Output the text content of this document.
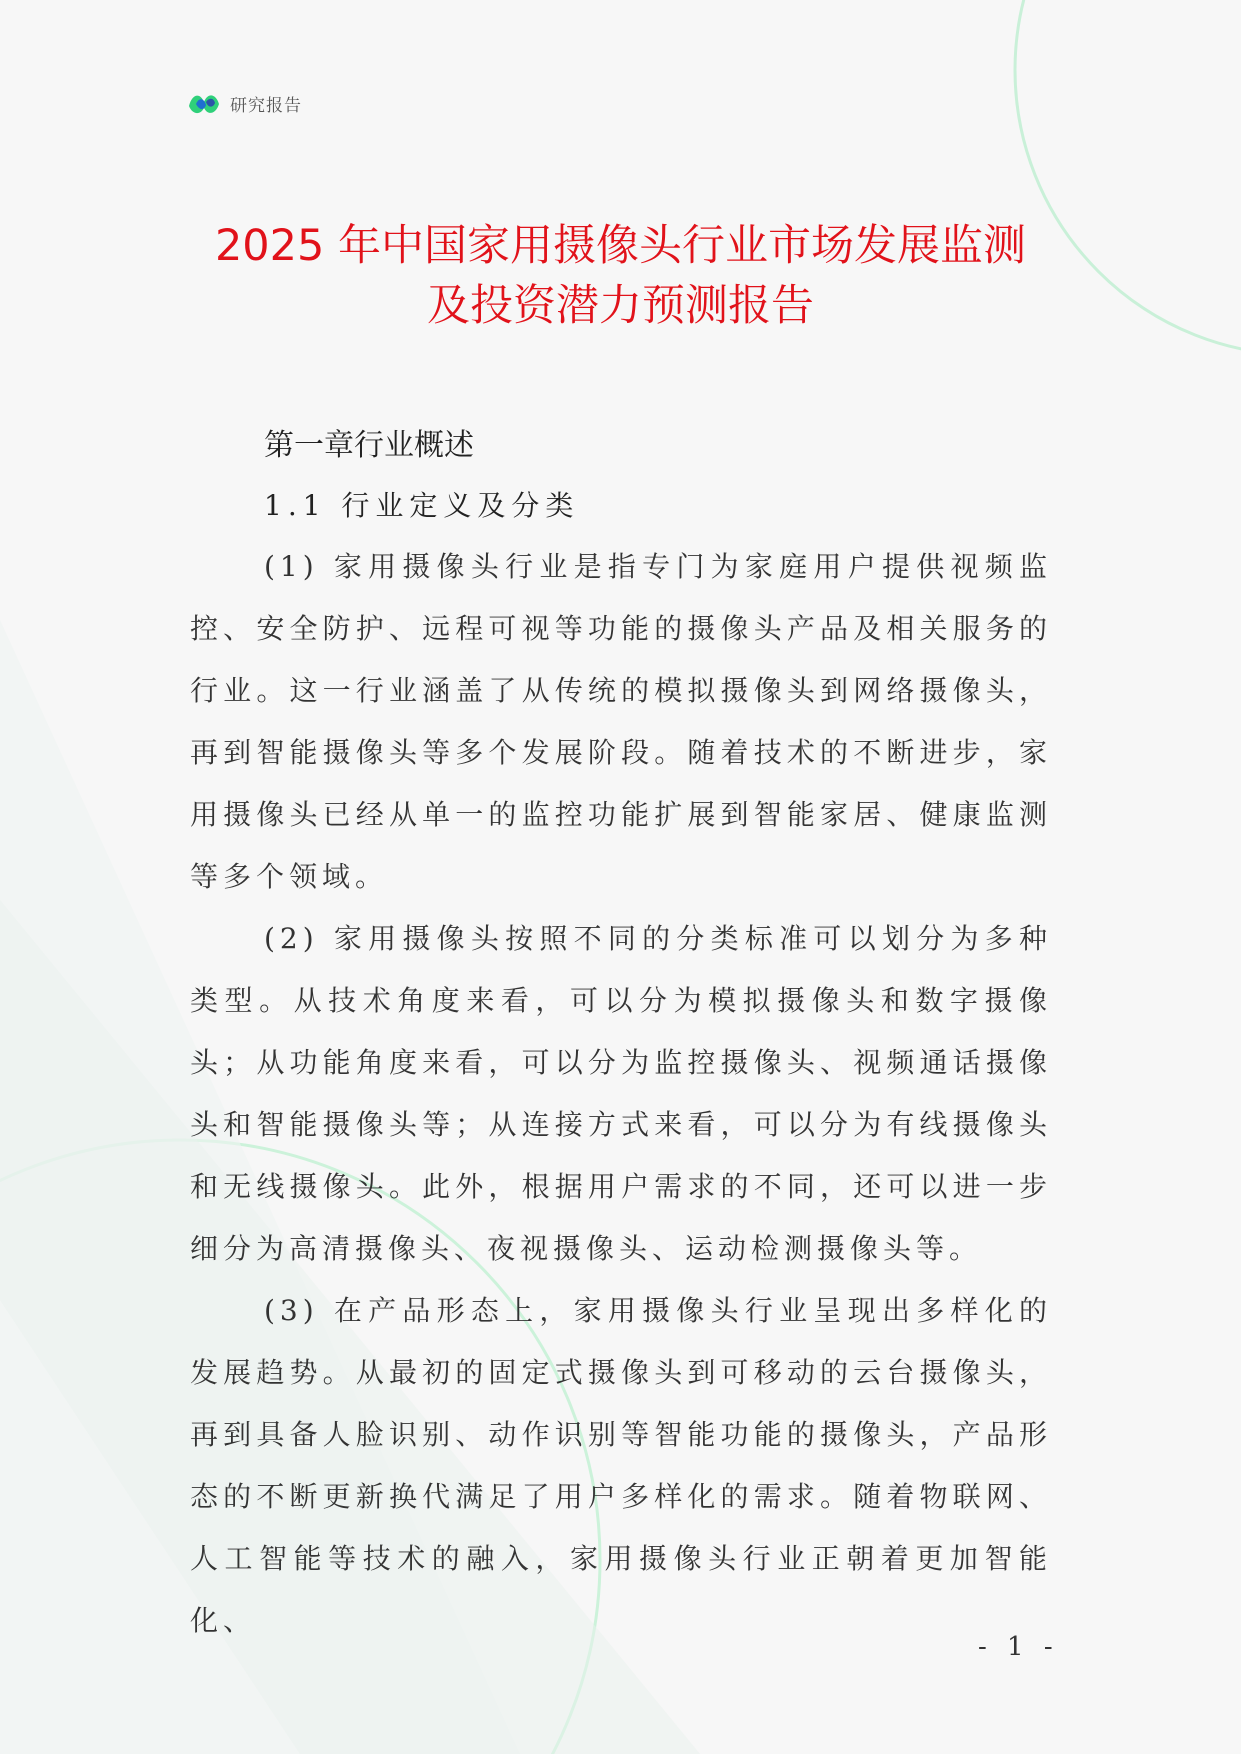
研究报告
2025 年中国家用摄像头行业市场发展监测
及投资潜力预测报告
第一章行业概述
1.1 行业定义及分类

(1) 家用摄像头行业是指专门为家庭用户提供视频监控、安全防护、远程可视等功能的摄像头产品及相关服务的行业。这一行业涵盖了从传统的模拟摄像头到网络摄像头，再到智能摄像头等多个发展阶段。随着技术的不断进步，家用摄像头已经从单一的监控功能扩展到智能家居、健康监测等多个领域。

(2) 家用摄像头按照不同的分类标准可以划分为多种类型。从技术角度来看，可以分为模拟摄像头和数字摄像头；从功能角度来看，可以分为监控摄像头、视频通话摄像头和智能摄像头等；从连接方式来看，可以分为有线摄像头和无线摄像头。此外，根据用户需求的不同，还可以进一步细分为高清摄像头、夜视摄像头、运动检测摄像头等。

(3) 在产品形态上，家用摄像头行业呈现出多样化的发展趋势。从最初的固定式摄像头到可移动的云台摄像头，再到具备人脸识别、动作识别等智能功能的摄像头，产品形态的不断更新换代满足了用户多样化的需求。随着物联网、人工智能等技术的融入，家用摄像头行业正朝着更加智能化、

- 1 -
